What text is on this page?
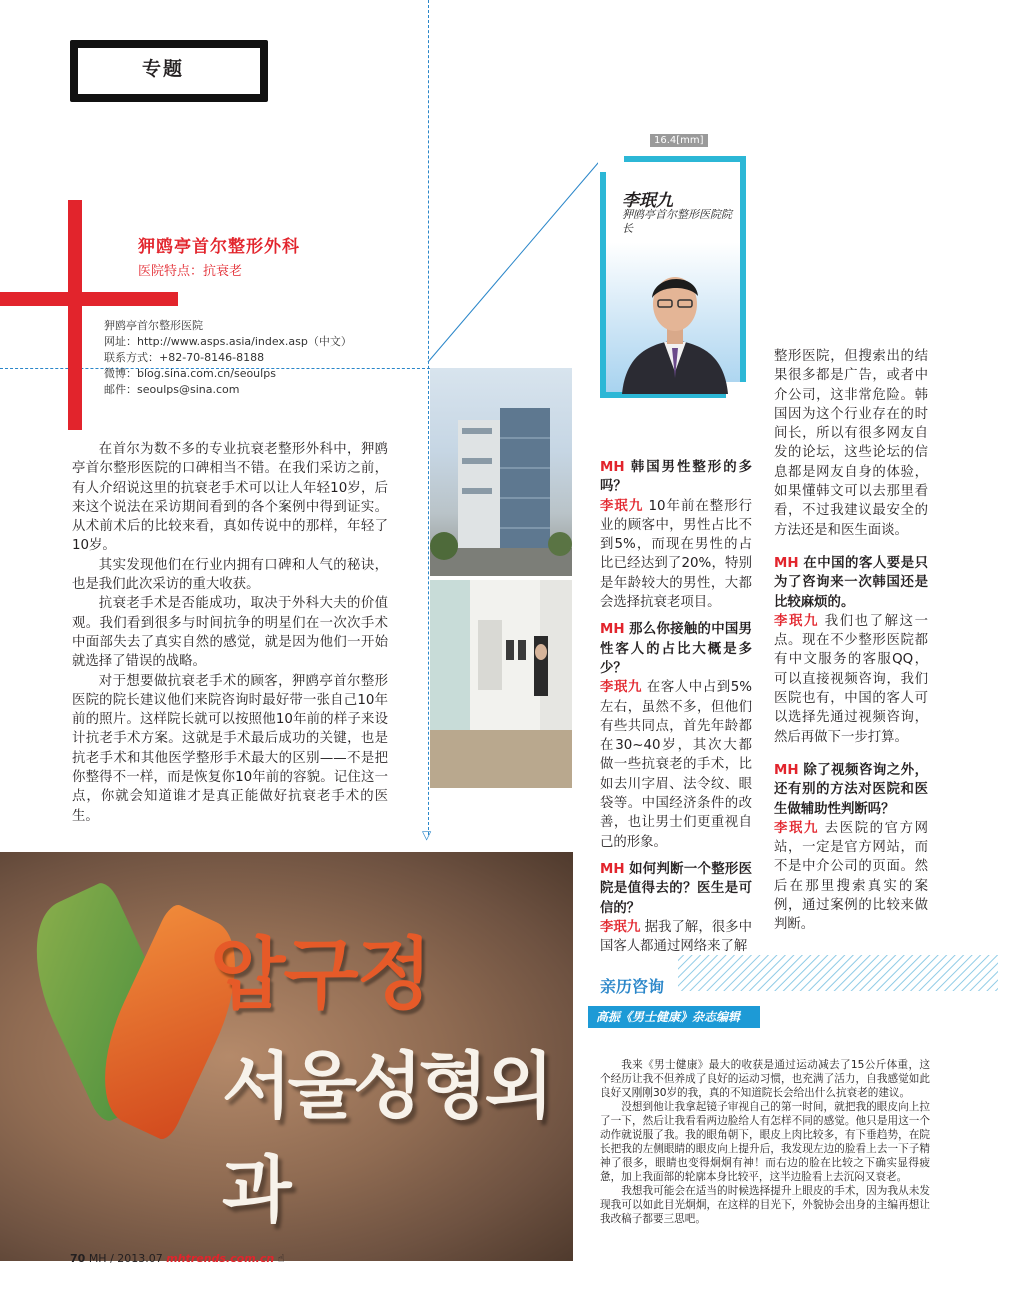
专题
▽
狎鸥亭首尔整形外科
医院特点：抗衰老
狎鸥亭首尔整形医院
网址：http://www.asps.asia/index.asp（中文）
联系方式：+82-70-8146-8188
微博：blog.sina.com.cn/seoulps
邮件：seoulps@sina.com

在首尔为数不多的专业抗衰老整形外科中，狎鸥亭首尔整形医院的口碑相当不错。在我们采访之前，有人介绍说这里的抗衰老手术可以让人年轻10岁，后来这个说法在采访期间看到的各个案例中得到证实。从术前术后的比较来看，真如传说中的那样，年轻了10岁。

其实发现他们在行业内拥有口碑和人气的秘诀，也是我们此次采访的重大收获。

抗衰老手术是否能成功，取决于外科大夫的价值观。我们看到很多与时间抗争的明星们在一次次手术中面部失去了真实自然的感觉，就是因为他们一开始就选择了错误的战略。

对于想要做抗衰老手术的顾客，狎鸥亭首尔整形医院的院长建议他们来院咨询时最好带一张自己10年前的照片。这样院长就可以按照他10年前的样子来设计抗老手术方案。这就是手术最后成功的关键，也是抗老手术和其他医学整形手术最大的区别——不是把你整得不一样，而是恢复你10年前的容貌。记住这一点，你就会知道谁才是真正能做好抗衰老手术的医生。

16.4[mm]
李珉九
狎鸥亭首尔整形医院院长

MH 韩国男性整形的多吗？
李珉九 10年前在整形行业的顾客中，男性占比不到5%，而现在男性的占比已经达到了20%，特别是年龄较大的男性，大都会选择抗衰老项目。

MH 那么你接触的中国男性客人的占比大概是多少？
李珉九 在客人中占到5%左右，虽然不多，但他们有些共同点，首先年龄都在30~40岁，其次大都做一些抗衰老的手术，比如去川字眉、法令纹、眼袋等。中国经济条件的改善，也让男士们更重视自己的形象。

MH 如何判断一个整形医院是值得去的？医生是可信的？
李珉九 据我了解，很多中国客人都通过网络来了解

整形医院，但搜索出的结果很多都是广告，或者中介公司，这非常危险。韩国因为这个行业存在的时间长，所以有很多网友自发的论坛，这些论坛的信息都是网友自身的体验，如果懂韩文可以去那里看看，不过我建议最安全的方法还是和医生面谈。

MH 在中国的客人要是只为了咨询来一次韩国还是比较麻烦的。
李珉九 我们也了解这一点。现在不少整形医院都有中文服务的客服QQ，可以直接视频咨询，我们医院也有，中国的客人可以选择先通过视频咨询，然后再做下一步打算。

MH 除了视频咨询之外，还有别的方法对医院和医生做辅助性判断吗？
李珉九 去医院的官方网站，一定是官方网站，而不是中介公司的页面。然后在那里搜索真实的案例，通过案例的比较来做判断。

압구정
서울성형외과
亲历咨询
高振《男士健康》杂志编辑

我来《男士健康》最大的收获是通过运动减去了15公斤体重，这个经历让我不但养成了良好的运动习惯，也充满了活力，自我感觉如此良好又刚刚30岁的我，真的不知道院长会给出什么抗衰老的建议。

没想到他让我拿起镜子审视自己的第一时间，就把我的眼皮向上拉了一下，然后让我看看两边脸给人有怎样不同的感觉。他只是用这一个动作就说服了我。我的眼角朝下，眼皮上肉比较多，有下垂趋势，在院长把我的左侧眼睛的眼皮向上提升后，我发现左边的脸看上去一下子精神了很多，眼睛也变得炯炯有神！而右边的脸在比较之下确实显得疲惫，加上我面部的轮廓本身比较平，这半边脸看上去沉闷又衰老。

我想我可能会在适当的时候选择提升上眼皮的手术，因为我从未发现我可以如此目光炯炯，在这样的目光下，外貌协会出身的主编再想让我改稿子都要三思吧。

70 MH / 2013.07 mhtrends.com.cn ☝
